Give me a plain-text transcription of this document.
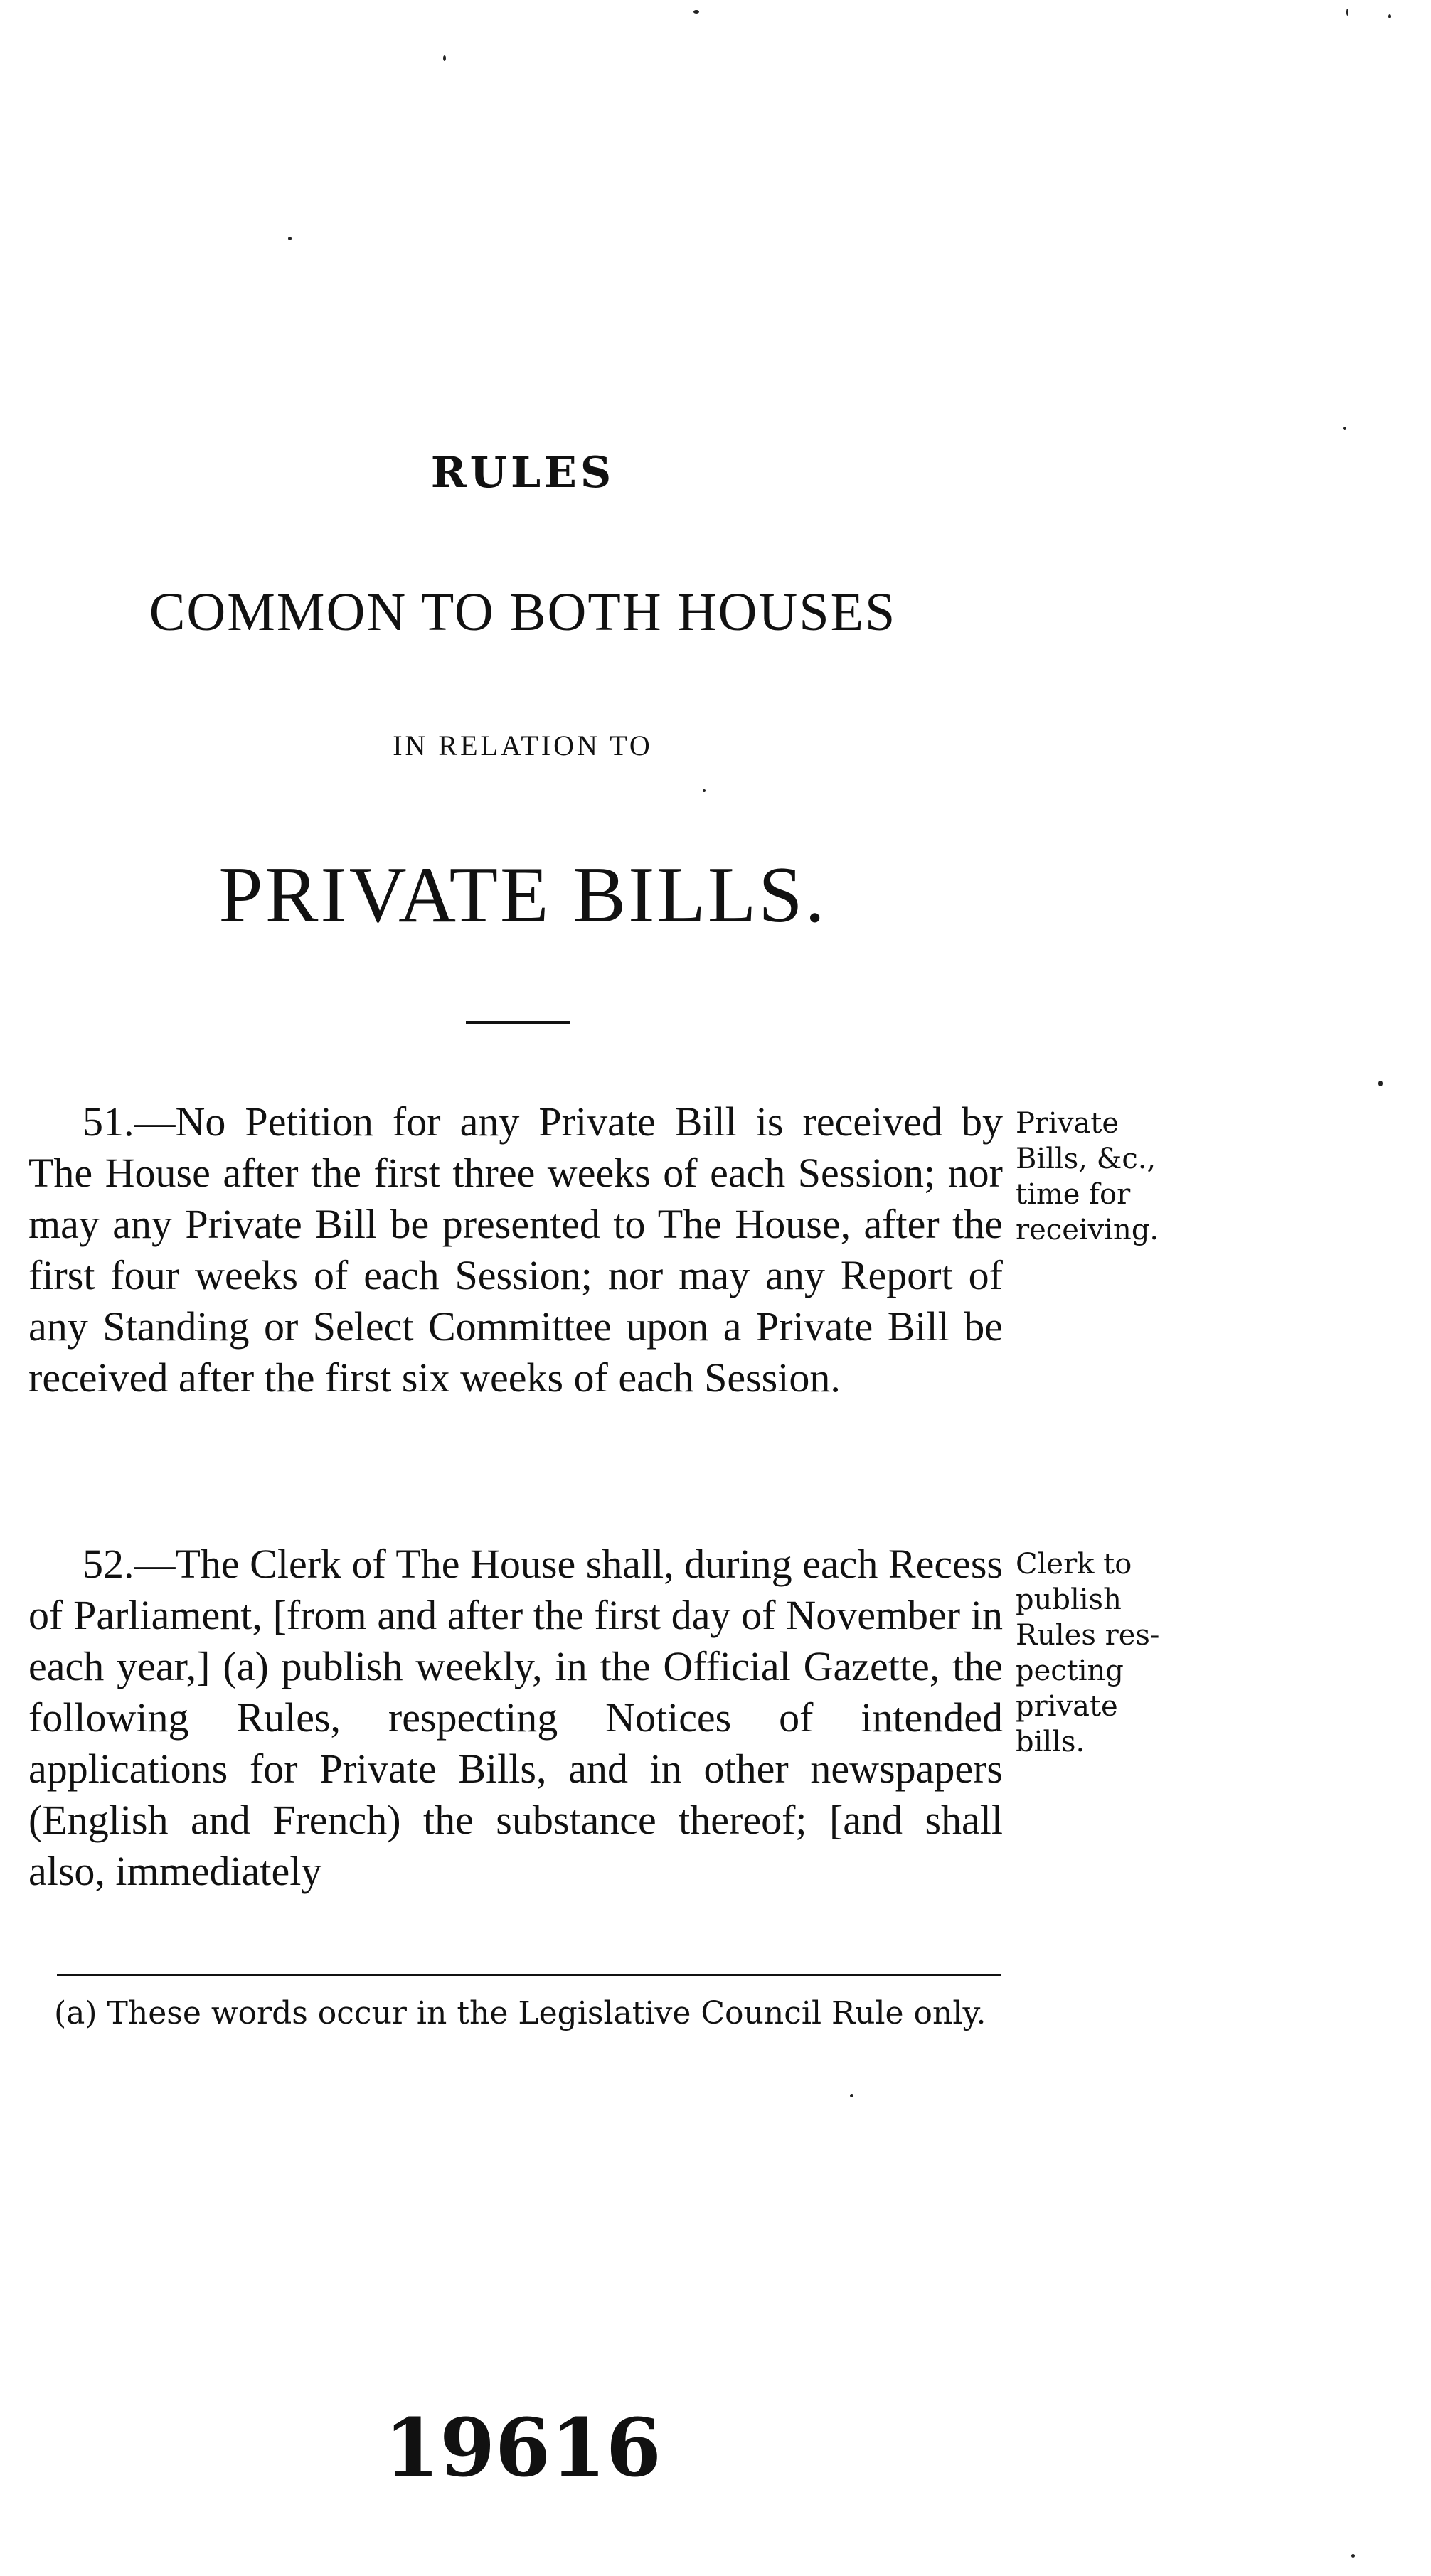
RULES
COMMON TO BOTH HOUSES
IN RELATION TO
PRIVATE BILLS.

51.—No Petition for any Private Bill is received by The House after the first three weeks of each Session; nor may any Private Bill be presented to The House, after the first four weeks of each Session; nor may any Report of any Standing or Select Committee upon a Private Bill be received after the first six weeks of each Session.

Private
Bills, &c.,
time for
receiving.

52.—The Clerk of The House shall, during each Recess of Parliament, [from and after the first day of November in each year,] (a) publish weekly, in the Official Gazette, the following Rules, respecting Notices of intended applications for Private Bills, and in other newspapers (English and French) the substance thereof; [and shall also, immediately

Clerk to
publish
Rules res-
pecting
private
bills.
(a) These words occur in the Legislative Council Rule only.
19616
